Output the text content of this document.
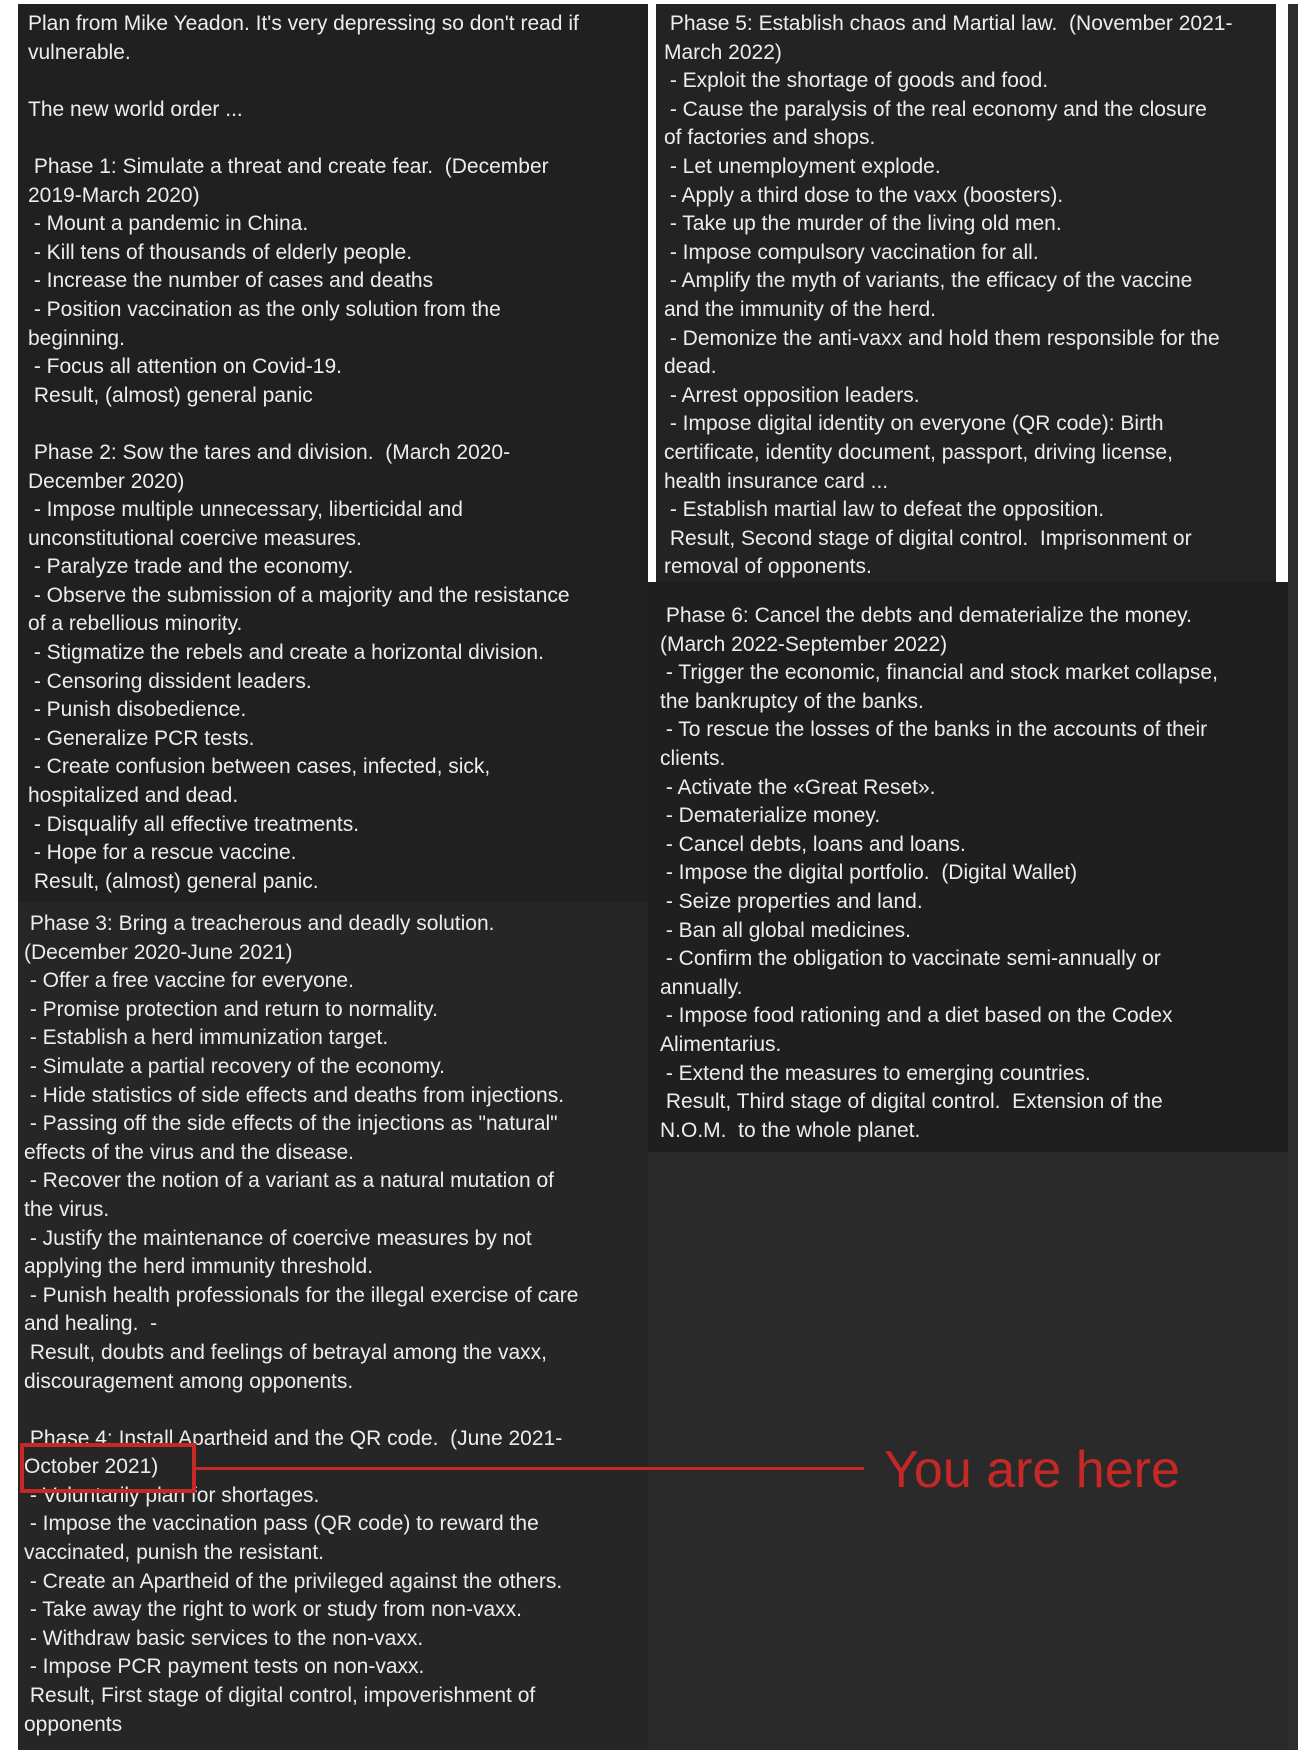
Plan from Mike Yeadon. It's very depressing so don't read if
vulnerable.

The new world order ...

Phase 1: Simulate a threat and create fear.  (December
2019-March 2020)
- Mount a pandemic in China.
- Kill tens of thousands of elderly people.
- Increase the number of cases and deaths
- Position vaccination as the only solution from the
beginning.
- Focus all attention on Covid-19.
Result, (almost) general panic

Phase 2: Sow the tares and division.  (March 2020-
December 2020)
- Impose multiple unnecessary, liberticidal and
unconstitutional coercive measures.
- Paralyze trade and the economy.
- Observe the submission of a majority and the resistance
of a rebellious minority.
- Stigmatize the rebels and create a horizontal division.
- Censoring dissident leaders.
- Punish disobedience.
- Generalize PCR tests.
- Create confusion between cases, infected, sick,
hospitalized and dead.
- Disqualify all effective treatments.
- Hope for a rescue vaccine.
Result, (almost) general panic.

Phase 3: Bring a treacherous and deadly solution.
(December 2020-June 2021)
- Offer a free vaccine for everyone.
- Promise protection and return to normality.
- Establish a herd immunization target.
- Simulate a partial recovery of the economy.
- Hide statistics of side effects and deaths from injections.
- Passing off the side effects of the injections as "natural"
effects of the virus and the disease.
- Recover the notion of a variant as a natural mutation of
the virus.
- Justify the maintenance of coercive measures by not
applying the herd immunity threshold.
- Punish health professionals for the illegal exercise of care
and healing.  -
Result, doubts and feelings of betrayal among the vaxx,
discouragement among opponents.

Phase 4: Install Apartheid and the QR code.  (June 2021-
October 2021)
- Voluntarily plan for shortages.
- Impose the vaccination pass (QR code) to reward the
vaccinated, punish the resistant.
- Create an Apartheid of the privileged against the others.
- Take away the right to work or study from non-vaxx.
- Withdraw basic services to the non-vaxx.
- Impose PCR payment tests on non-vaxx.
Result, First stage of digital control, impoverishment of
opponents

Phase 5: Establish chaos and Martial law.  (November 2021-
March 2022)
- Exploit the shortage of goods and food.
- Cause the paralysis of the real economy and the closure
of factories and shops.
- Let unemployment explode.
- Apply a third dose to the vaxx (boosters).
- Take up the murder of the living old men.
- Impose compulsory vaccination for all.
- Amplify the myth of variants, the efficacy of the vaccine
and the immunity of the herd.
- Demonize the anti-vaxx and hold them responsible for the
dead.
- Arrest opposition leaders.
- Impose digital identity on everyone (QR code): Birth
certificate, identity document, passport, driving license,
health insurance card ...
- Establish martial law to defeat the opposition.
Result, Second stage of digital control.  Imprisonment or
removal of opponents.

Phase 6: Cancel the debts and dematerialize the money.
(March 2022-September 2022)
- Trigger the economic, financial and stock market collapse,
the bankruptcy of the banks.
- To rescue the losses of the banks in the accounts of their
clients.
- Activate the «Great Reset».
- Dematerialize money.
- Cancel debts, loans and loans.
- Impose the digital portfolio.  (Digital Wallet)
- Seize properties and land.
- Ban all global medicines.
- Confirm the obligation to vaccinate semi-annually or
annually.
- Impose food rationing and a diet based on the Codex
Alimentarius.
- Extend the measures to emerging countries.
Result, Third stage of digital control.  Extension of the
N.O.M.  to the whole planet.

You are here
